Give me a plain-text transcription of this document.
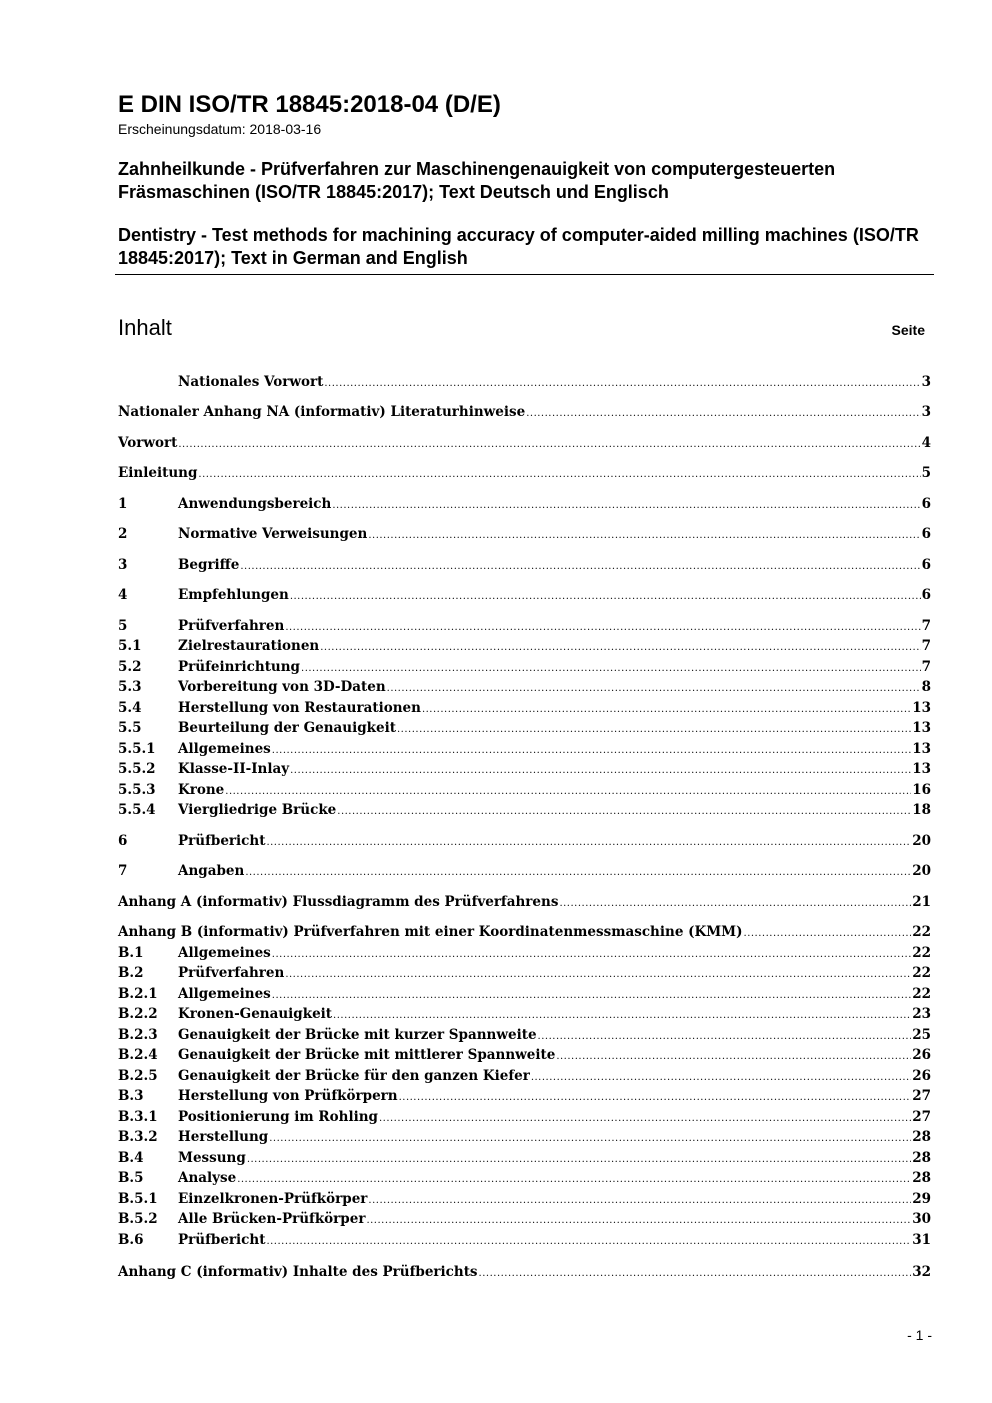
E DIN ISO/TR 18845:2018-04 (D/E)

Erscheinungsdatum: 2018-03-16

Zahnheilkunde - Prüfverfahren zur Maschinengenauigkeit von computergesteuerten Fräsmaschinen (ISO/TR 18845:2017); Text Deutsch und Englisch

Dentistry - Test methods for machining accuracy of computer-aided milling machines (ISO/TR 18845:2017); Text in German and English

Inhalt	Seite
Nationales Vorwort .....	3
Nationaler Anhang NA (informativ) Literaturhinweise .....	3
Vorwort .....	4
Einleitung .....	5
1	Anwendungsbereich .....	6
2	Normative Verweisungen .....	6
3	Begriffe .....	6
4	Empfehlungen .....	6
5	Prüfverfahren .....	7
5.1	Zielrestaurationen .....	7
5.2	Prüfeinrichtung .....	7
5.3	Vorbereitung von 3D-Daten .....	8
5.4	Herstellung von Restaurationen .....	13
5.5	Beurteilung der Genauigkeit .....	13
5.5.1	Allgemeines .....	13
5.5.2	Klasse-II-Inlay .....	13
5.5.3	Krone .....	16
5.5.4	Viergliedrige Brücke .....	18
6	Prüfbericht .....	20
7	Angaben .....	20
Anhang A (informativ) Flussdiagramm des Prüfverfahrens .....	21
Anhang B (informativ) Prüfverfahren mit einer Koordinatenmessmaschine (KMM) .....	22
B.1	Allgemeines .....	22
B.2	Prüfverfahren .....	22
B.2.1	Allgemeines .....	22
B.2.2	Kronen-Genauigkeit .....	23
B.2.3	Genauigkeit der Brücke mit kurzer Spannweite .....	25
B.2.4	Genauigkeit der Brücke mit mittlerer Spannweite .....	26
B.2.5	Genauigkeit der Brücke für den ganzen Kiefer .....	26
B.3	Herstellung von Prüfkörpern .....	27
B.3.1	Positionierung im Rohling .....	27
B.3.2	Herstellung .....	28
B.4	Messung .....	28
B.5	Analyse .....	28
B.5.1	Einzelkronen-Prüfkörper .....	29
B.5.2	Alle Brücken-Prüfkörper .....	30
B.6	Prüfbericht .....	31
Anhang C (informativ) Inhalte des Prüfberichts .....	32
- 1 -
